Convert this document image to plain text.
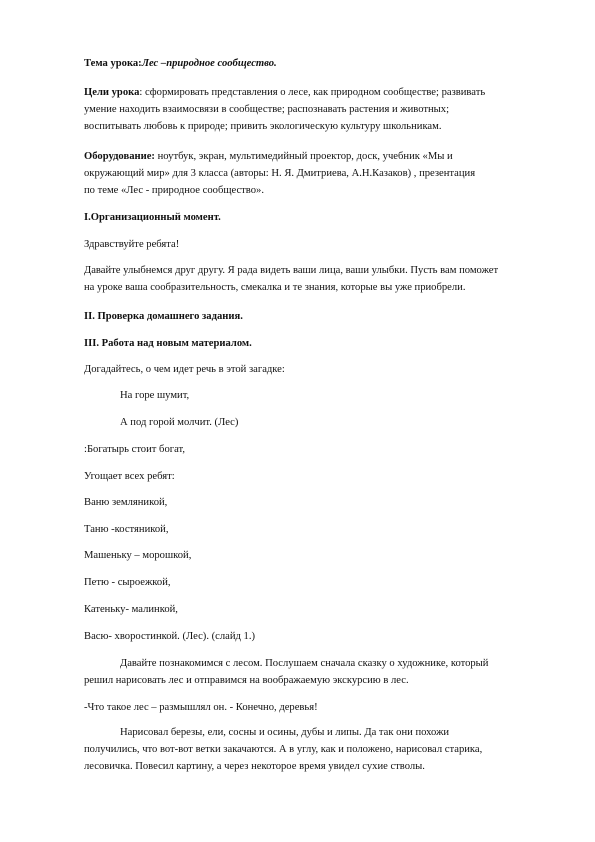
Тема урока:Лес –природное сообщество.
Цели урока: сформировать представления о лесе, как природном сообществе; развивать
умение находить взаимосвязи в сообществе; распознавать растения и животных;
воспитывать любовь к природе; привить экологическую культуру школьникам.
Оборудование: ноутбук, экран, мультимедийный проектор, доск, учебник «Мы и
окружающий мир» для 3 класса (авторы: Н. Я. Дмитриева, А.Н.Казаков) , презентация
по теме «Лес - природное сообщество».
I.Организационный момент.
Здравствуйте ребята!
Давайте улыбнемся друг другу. Я рада видеть ваши лица, ваши улыбки. Пусть вам поможет
на уроке ваша сообразительность, смекалка и те знания, которые вы уже приобрели.
II. Проверка домашнего задания.
III. Работа над новым материалом.
Догадайтесь, о чем идет речь в этой загадке:
На горе шумит,
А под горой молчит. (Лес)
:Богатырь стоит богат,
Угощает всех ребят:
Ваню земляникой,
Таню -костяникой,
Машеньку – морошкой,
Петю - сыроежкой,
Катеньку- малинкой,
Васю- хворостинкой. (Лес). (слайд 1.)
Давайте познакомимся с лесом. Послушаем сначала сказку о художнике, который
решил нарисовать лес и отправимся на воображаемую экскурсию в лес.
-Что такое лес – размышлял он. - Конечно, деревья!
Нарисовал березы, ели, сосны и осины, дубы и липы. Да так они похожи
получились, что вот-вот ветки закачаются. А в углу, как и положено, нарисовал старика,
лесовичка. Повесил картину, а через некоторое время увидел сухие стволы.
